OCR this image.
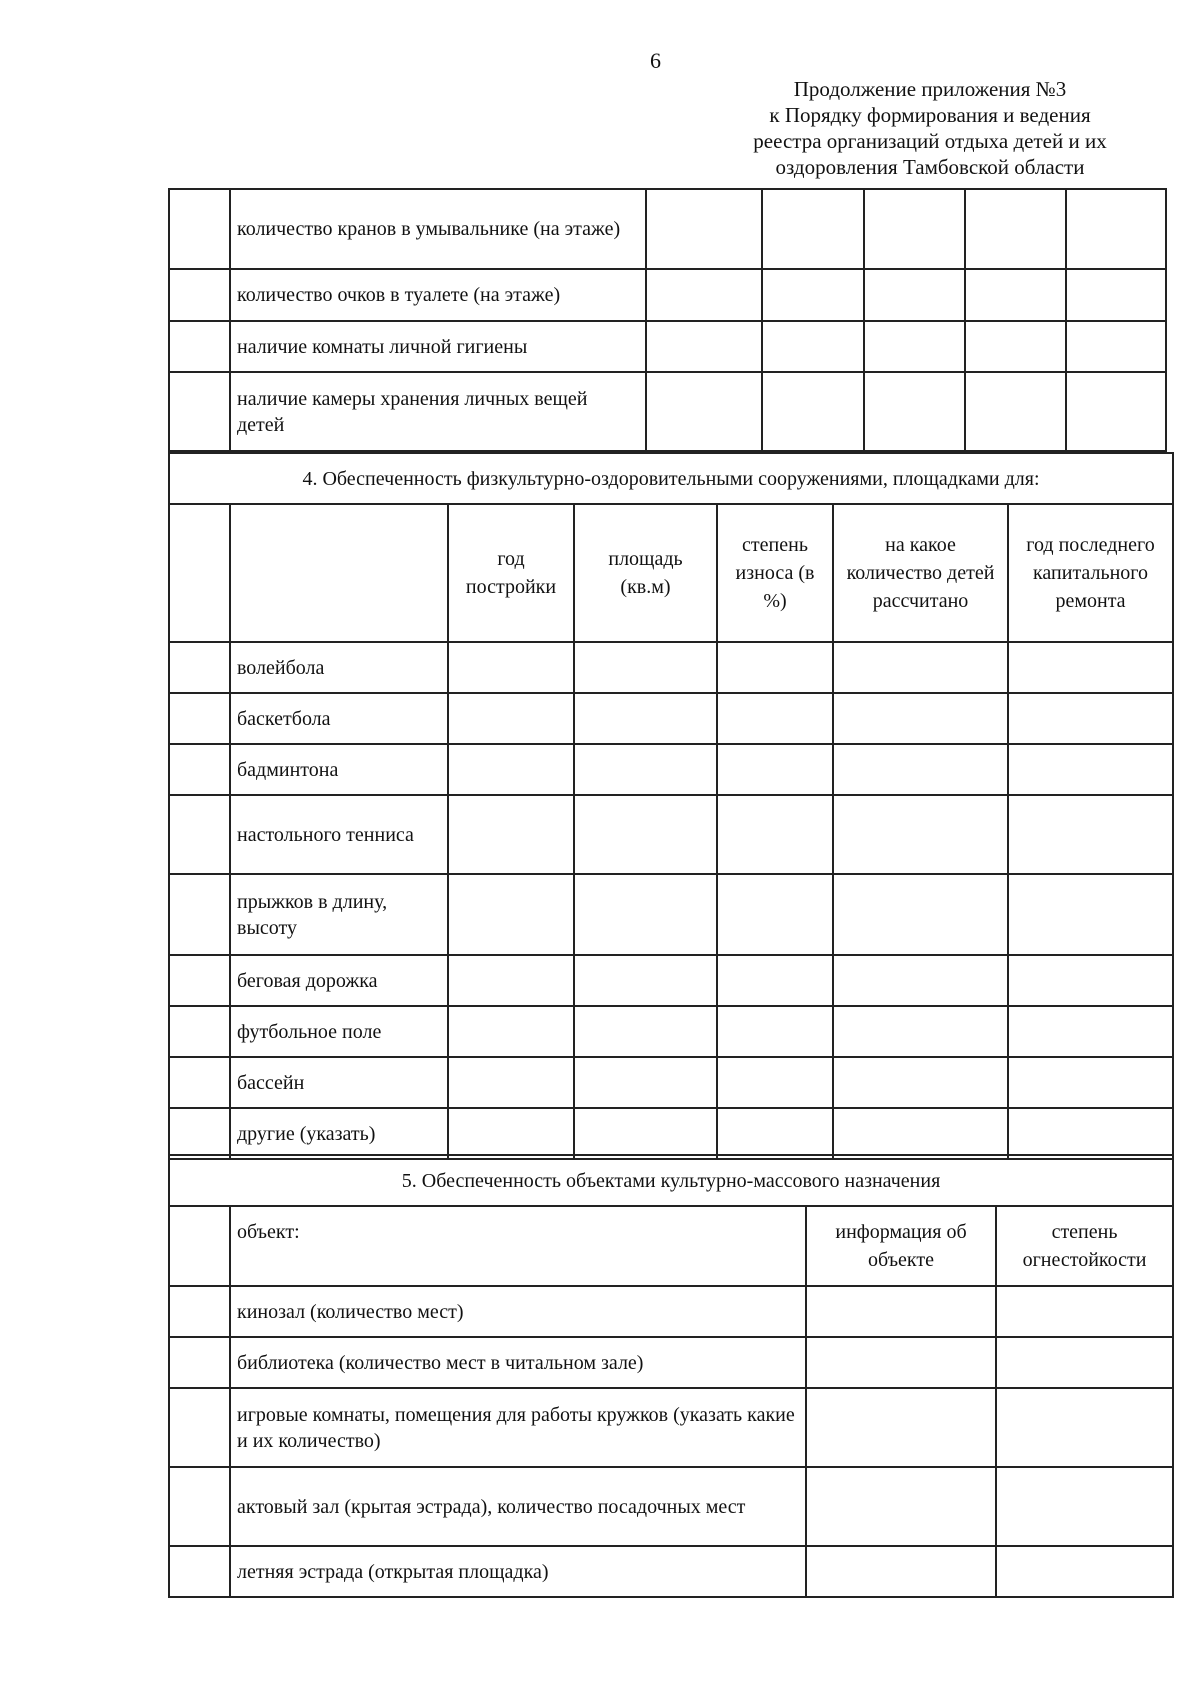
6
Продолжение приложения №3
к Порядку формирования и ведения
реестра организаций отдыха детей и их
оздоровления Тамбовской области
	количество кранов в умывальнике (на этаже)					
	количество очков в туалете (на этаже)					
	наличие комнаты личной гигиены					
	наличие камеры хранения личных вещей детей					
4. Обеспеченность физкультурно-оздоровительными сооружениями, площадками для:						
		год постройки	площадь (кв.м)	степень износа (в %)	на какое количество детей рассчитано	год последнего капитального ремонта
	волейбола					
	баскетбола					
	бадминтона					
	настольного тенниса					
	прыжков в длину, высоту					
	беговая дорожка					
	футбольное поле					
	бассейн					
	другие (указать)					
5. Обеспеченность объектами культурно-массового назначения			
	объект:	информация об объекте	степень огнестойкости
	кинозал (количество мест)		
	библиотека (количество мест в читальном зале)		
	игровые комнаты, помещения для работы кружков (указать какие и их количество)		
	актовый зал (крытая эстрада), количество посадочных мест		
	летняя эстрада (открытая площадка)		
